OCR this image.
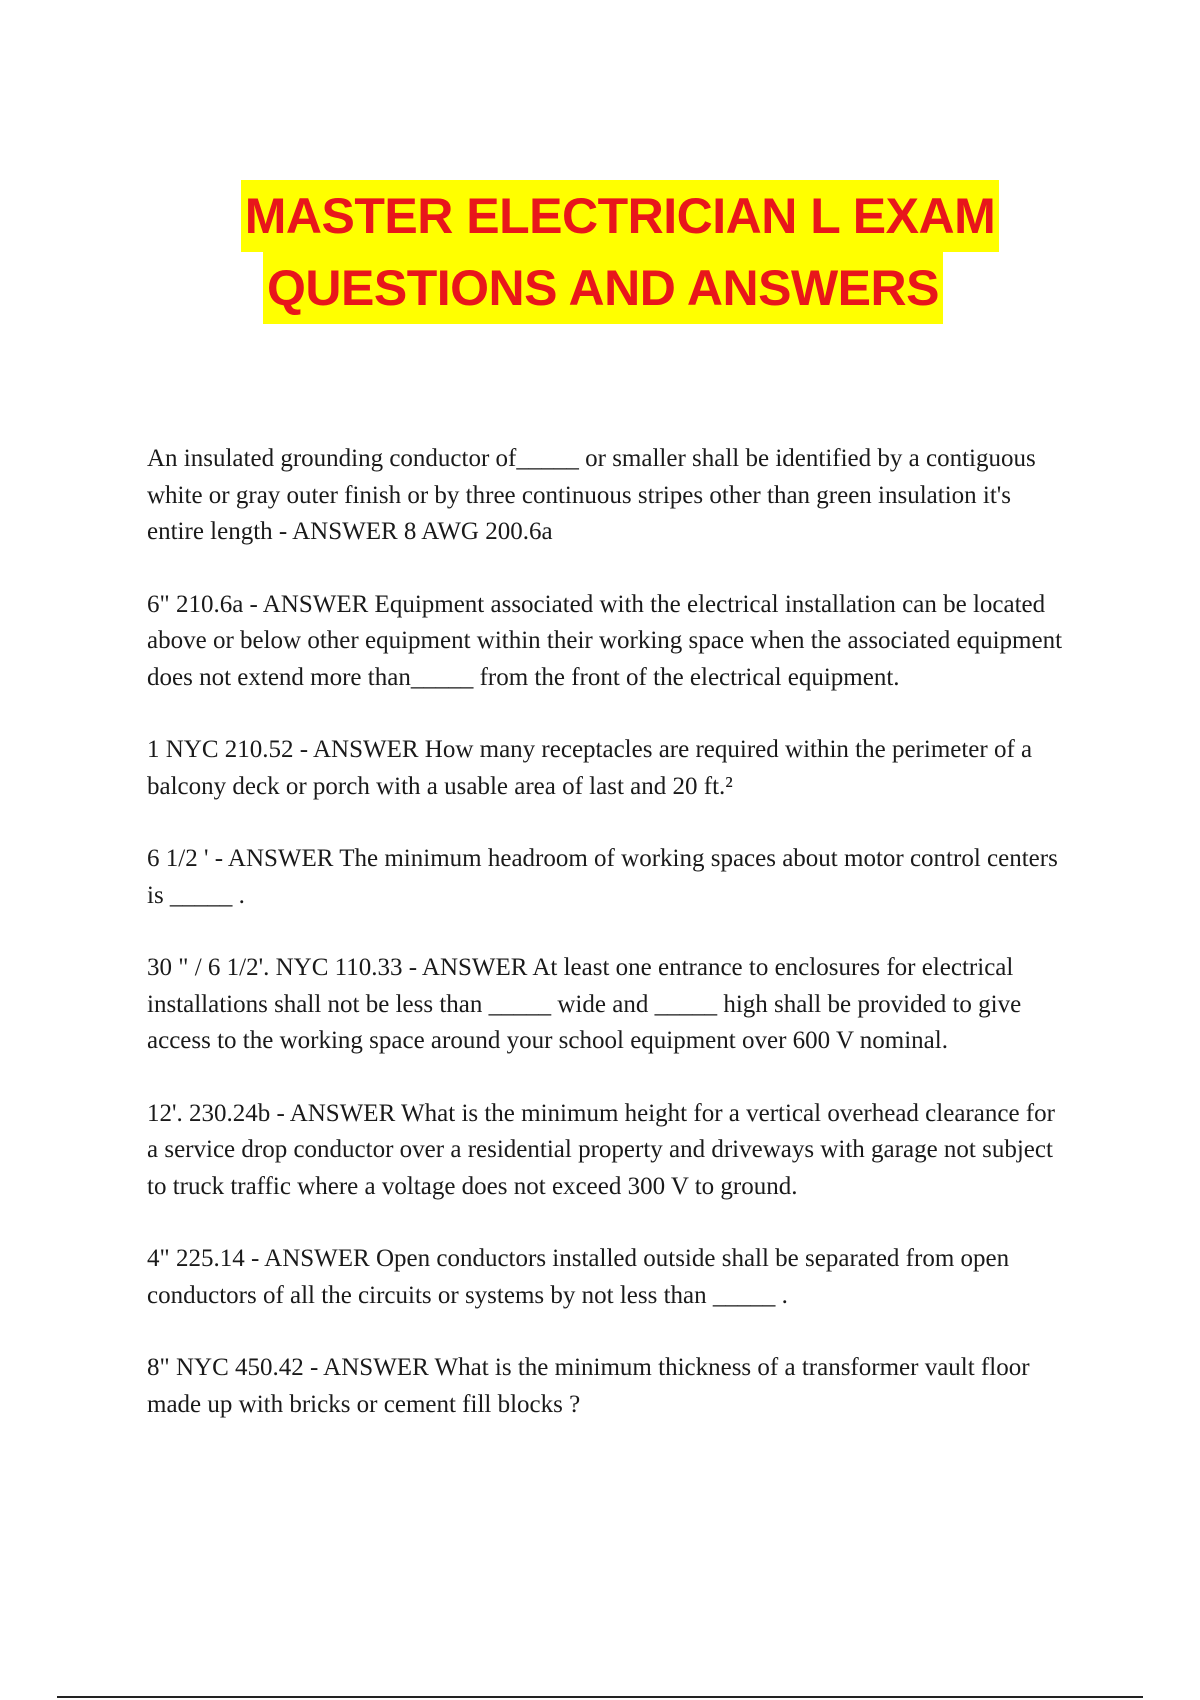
MASTER ELECTRICIAN L EXAM
QUESTIONS AND ANSWERS

An insulated grounding conductor of_____ or smaller shall be identified by a contiguous white or gray outer finish or by three continuous stripes other than green insulation it's entire length - ANSWER 8 AWG 200.6a

6" 210.6a - ANSWER Equipment associated with the electrical installation can be located above or below other equipment within their working space when the associated equipment does not extend more than_____ from the front of the electrical equipment.

1 NYC 210.52 - ANSWER How many receptacles are required within the perimeter of a balcony deck or porch with a usable area of last and 20 ft.²

6 1/2 ' - ANSWER The minimum headroom of working spaces about motor control centers is _____ .

30 " / 6 1/2'. NYC 110.33 - ANSWER At least one entrance to enclosures for electrical installations shall not be less than _____ wide and _____ high shall be provided to give access to the working space around your school equipment over 600 V nominal.

12'. 230.24b - ANSWER What is the minimum height for a vertical overhead clearance for a service drop conductor over a residential property and driveways with garage not subject to truck traffic where a voltage does not exceed 300 V to ground.

4" 225.14 - ANSWER Open conductors installed outside shall be separated from open conductors of all the circuits or systems by not less than _____ .

8" NYC 450.42 - ANSWER What is the minimum thickness of a transformer vault floor made up with bricks or cement fill blocks ?
